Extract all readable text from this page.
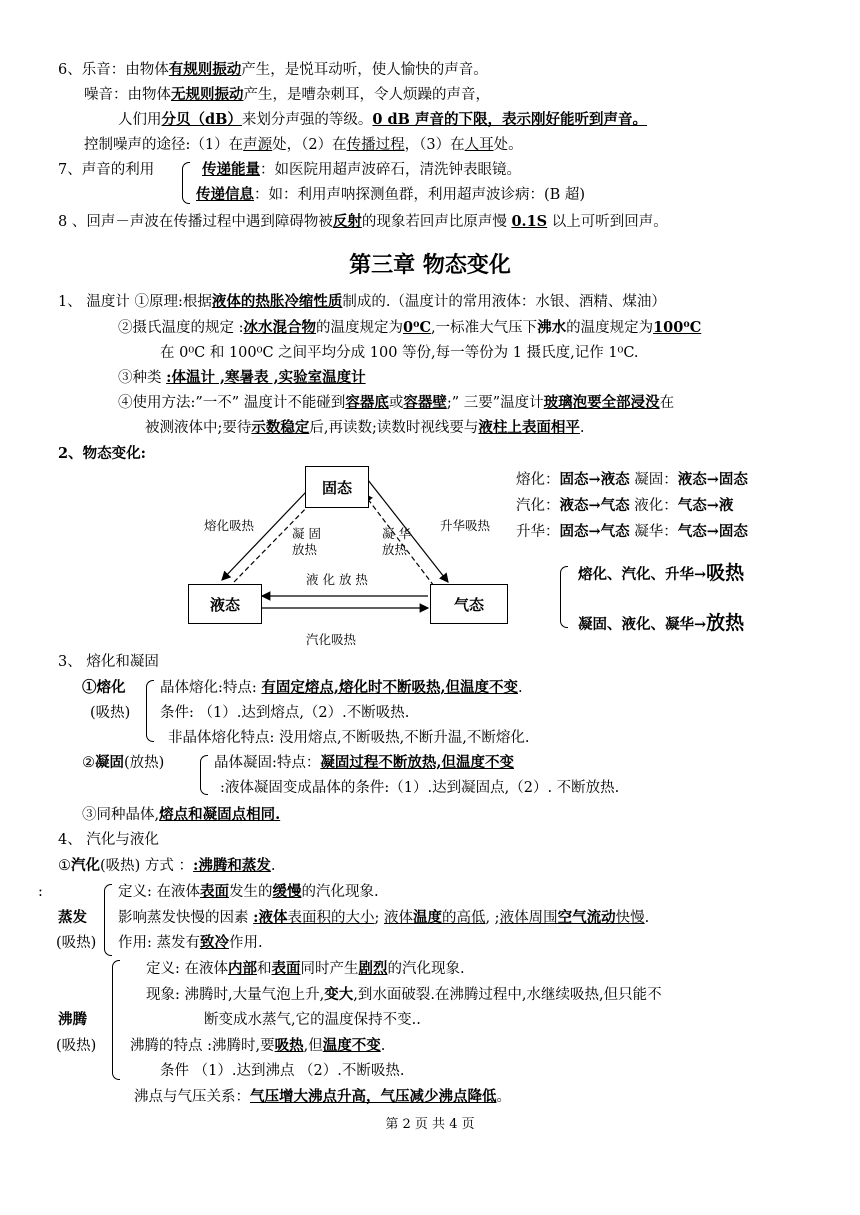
6、乐音：由物体有规则振动产生，是悦耳动听，使人愉快的声音。
噪音：由物体无规则振动产生，是嘈杂刺耳，令人烦躁的声音，
人们用分贝（dB）来划分声强的等级。0 dB 声音的下限，表示刚好能听到声音。
控制噪声的途径:（1）在声源处，（2）在传播过程，（3）在人耳处。
7、声音的利用	传递能量：如医院用超声波碎石，清洗钟表眼镜。
传递信息：如：利用声呐探测鱼群，利用超声波诊病：(B 超)
8 、回声－声波在传播过程中遇到障碍物被反射的现象若回声比原声慢 0.1S 以上可听到回声。
第三章 物态变化
1、 温度计 ①原理:根据液体的热胀冷缩性质制成的.（温度计的常用液体：水银、酒精、煤油）
②摄氏温度的规定 :冰水混合物的温度规定为0⁰C,一标准大气压下沸水的温度规定为100⁰C
在 0⁰C 和 100⁰C 之间平均分成 100 等份,每一等份为 1 摄氏度,记作 1⁰C.
③种类 :体温计 ,寒暑表 ,实验室温度计
④使用方法:”一不” 温度计不能碰到容器底或容器壁;” 三要”温度计玻璃泡要全部浸没在
被测液体中;要待示数稳定后,再读数;读数时视线要与液柱上表面相平.
2、物态变化:
固态
液态	气态
熔化吸热
凝 固
放热
凝 华
放热
升华吸热
液 化 放 热
汽化吸热
熔化：固态→液态 凝固：液态→固态
汽化：液态→气态 液化：气态→液
升华：固态→气态 凝华：气态→固态
熔化、汽化、升华→吸热
凝固、液化、凝华→放热
3、 熔化和凝固
①熔化
(吸热)
晶体熔化:特点: 有固定熔点,熔化时不断吸热,但温度不变.
条件: （1）.达到熔点,（2）.不断吸热.
非晶体熔化特点: 没用熔点,不断吸热,不断升温,不断熔化.
②凝固(放热)	晶体凝固:特点：凝固过程不断放热,但温度不变
:液体凝固变成晶体的条件:（1）.达到凝固点,（2）. 不断放热.
③同种晶体,熔点和凝固点相同.
4、 汽化与液化
①汽化(吸热) 方式 ：:沸腾和蒸发.
:
蒸发
(吸热)
定义: 在液体表面发生的缓慢的汽化现象.
影响蒸发快慢的因素 :液体表面积的大小; 液体温度的高低, ;液体周围空气流动快慢.
作用: 蒸发有致冷作用.
沸腾
(吸热)
定义: 在液体内部和表面同时产生剧烈的汽化现象.
现象: 沸腾时,大量气泡上升,变大,到水面破裂.在沸腾过程中,水继续吸热,但只能不
断变成水蒸气,它的温度保持不变..
沸腾的特点 :沸腾时,要吸热,但温度不变.
条件 （1）.达到沸点 （2）.不断吸热.
沸点与气压关系：气压增大沸点升高，气压减少沸点降低。
第 2 页 共 4 页
